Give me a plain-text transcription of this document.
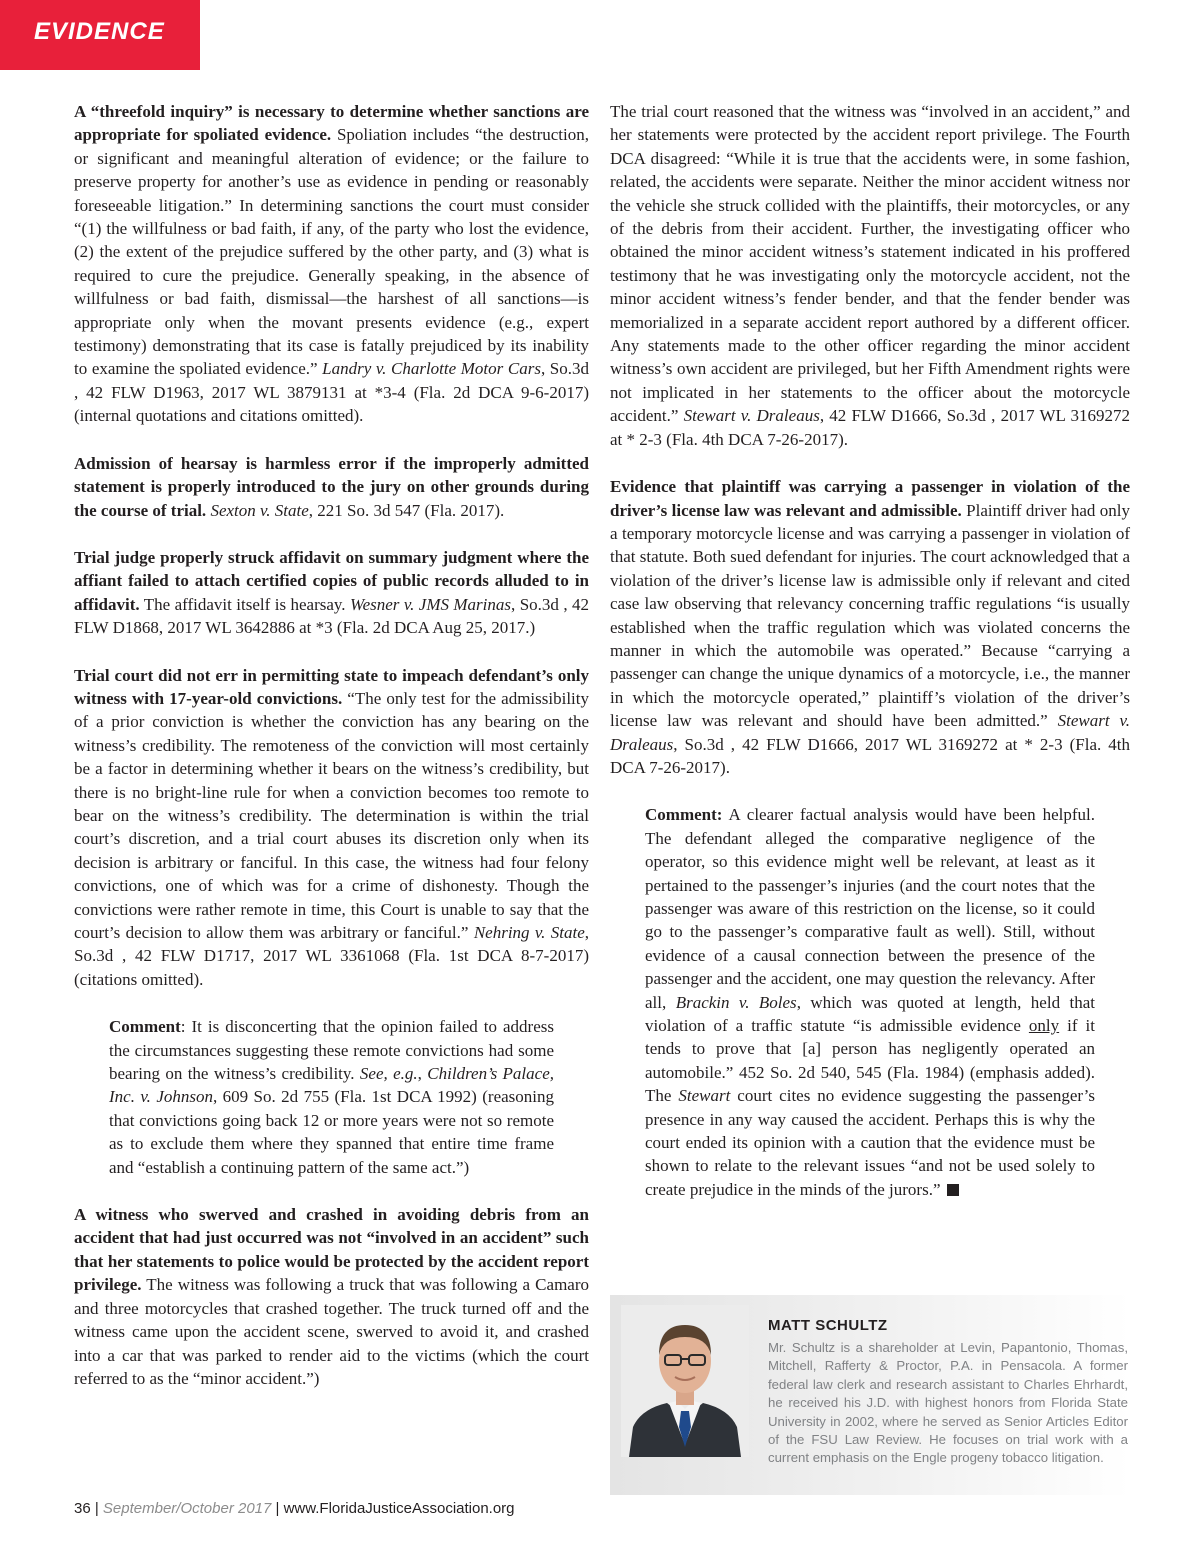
EVIDENCE

A “threefold inquiry” is necessary to determine whether sanctions are appropriate for spoliated evidence. Spoliation includes “the destruction, or significant and meaningful alteration of evidence; or the failure to preserve property for another’s use as evidence in pending or reasonably foreseeable litigation.” In determining sanctions the court must consider “(1) the willfulness or bad faith, if any, of the party who lost the evidence, (2) the extent of the prejudice suffered by the other party, and (3) what is required to cure the prejudice. Generally speaking, in the absence of willfulness or bad faith, dismissal—the harshest of all sanctions—is appropriate only when the movant presents evidence (e.g., expert testimony) demonstrating that its case is fatally prejudiced by its inability to examine the spoliated evidence.” Landry v. Charlotte Motor Cars, So.3d , 42 FLW D1963, 2017 WL 3879131 at *3-4 (Fla. 2d DCA 9-6-2017) (internal quotations and citations omitted).

Admission of hearsay is harmless error if the improperly admitted statement is properly introduced to the jury on other grounds during the course of trial. Sexton v. State, 221 So. 3d 547 (Fla. 2017).

Trial judge properly struck affidavit on summary judgment where the affiant failed to attach certified copies of public records alluded to in affidavit. The affidavit itself is hearsay. Wesner v. JMS Marinas, So.3d , 42 FLW D1868, 2017 WL 3642886 at *3 (Fla. 2d DCA Aug 25, 2017.)

Trial court did not err in permitting state to impeach defendant’s only witness with 17-year-old convictions. “The only test for the admissibility of a prior conviction is whether the conviction has any bearing on the witness’s credibility. The remoteness of the conviction will most certainly be a factor in determining whether it bears on the witness’s credibility, but there is no bright-line rule for when a conviction becomes too remote to bear on the witness’s credibility. The determination is within the trial court’s discretion, and a trial court abuses its discretion only when its decision is arbitrary or fanciful. In this case, the witness had four felony convictions, one of which was for a crime of dishonesty. Though the convictions were rather remote in time, this Court is unable to say that the court’s decision to allow them was arbitrary or fanciful.” Nehring v. State, So.3d , 42 FLW D1717, 2017 WL 3361068 (Fla. 1st DCA 8-7-2017) (citations omitted).

Comment: It is disconcerting that the opinion failed to address the circumstances suggesting these remote convictions had some bearing on the witness’s credibility. See, e.g., Children’s Palace, Inc. v. Johnson, 609 So. 2d 755 (Fla. 1st DCA 1992) (reasoning that convictions going back 12 or more years were not so remote as to exclude them where they spanned that entire time frame and “establish a continuing pattern of the same act.”)

A witness who swerved and crashed in avoiding debris from an accident that had just occurred was not “involved in an accident” such that her statements to police would be protected by the accident report privilege. The witness was following a truck that was following a Camaro and three motorcycles that crashed together. The truck turned off and the witness came upon the accident scene, swerved to avoid it, and crashed into a car that was parked to render aid to the victims (which the court referred to as the “minor accident.”)

The trial court reasoned that the witness was “involved in an accident,” and her statements were protected by the accident report privilege. The Fourth DCA disagreed: “While it is true that the accidents were, in some fashion, related, the accidents were separate. Neither the minor accident witness nor the vehicle she struck collided with the plaintiffs, their motorcycles, or any of the debris from their accident. Further, the investigating officer who obtained the minor accident witness’s statement indicated in his proffered testimony that he was investigating only the motorcycle accident, not the minor accident witness’s fender bender, and that the fender bender was memorialized in a separate accident report authored by a different officer. Any statements made to the other officer regarding the minor accident witness’s own accident are privileged, but her Fifth Amendment rights were not implicated in her statements to the officer about the motorcycle accident.” Stewart v. Draleaus, 42 FLW D1666, So.3d , 2017 WL 3169272 at * 2-3 (Fla. 4th DCA 7-26-2017).

Evidence that plaintiff was carrying a passenger in violation of the driver’s license law was relevant and admissible. Plaintiff driver had only a temporary motorcycle license and was carrying a passenger in violation of that statute. Both sued defendant for injuries. The court acknowledged that a violation of the driver’s license law is admissible only if relevant and cited case law observing that relevancy concerning traffic regulations “is usually established when the traffic regulation which was violated concerns the manner in which the automobile was operated.” Because “carrying a passenger can change the unique dynamics of a motorcycle, i.e., the manner in which the motorcycle operated,” plaintiff’s violation of the driver’s license law was relevant and should have been admitted.” Stewart v. Draleaus, So.3d , 42 FLW D1666, 2017 WL 3169272 at * 2-3 (Fla. 4th DCA 7-26-2017).

Comment: A clearer factual analysis would have been helpful. The defendant alleged the comparative negligence of the operator, so this evidence might well be relevant, at least as it pertained to the passenger’s injuries (and the court notes that the passenger was aware of this restriction on the license, so it could go to the passenger’s comparative fault as well). Still, without evidence of a causal connection between the presence of the passenger and the accident, one may question the relevancy. After all, Brackin v. Boles, which was quoted at length, held that violation of a traffic statute “is admissible evidence only if it tends to prove that [a] person has negligently operated an automobile.” 452 So. 2d 540, 545 (Fla. 1984) (emphasis added). The Stewart court cites no evidence suggesting the passenger’s presence in any way caused the accident. Perhaps this is why the court ended its opinion with a caution that the evidence must be shown to relate to the relevant issues “and not be used solely to create prejudice in the minds of the jurors.”

MATT SCHULTZ
Mr. Schultz is a shareholder at Levin, Papantonio, Thomas, Mitchell, Rafferty & Proctor, P.A. in Pensacola. A former federal law clerk and research assistant to Charles Ehrhardt, he received his J.D. with highest honors from Florida State University in 2002, where he served as Senior Articles Editor of the FSU Law Review. He focuses on trial work with a current emphasis on the Engle progeny tobacco litigation.
36 | September/October 2017 | www.FloridaJusticeAssociation.org
